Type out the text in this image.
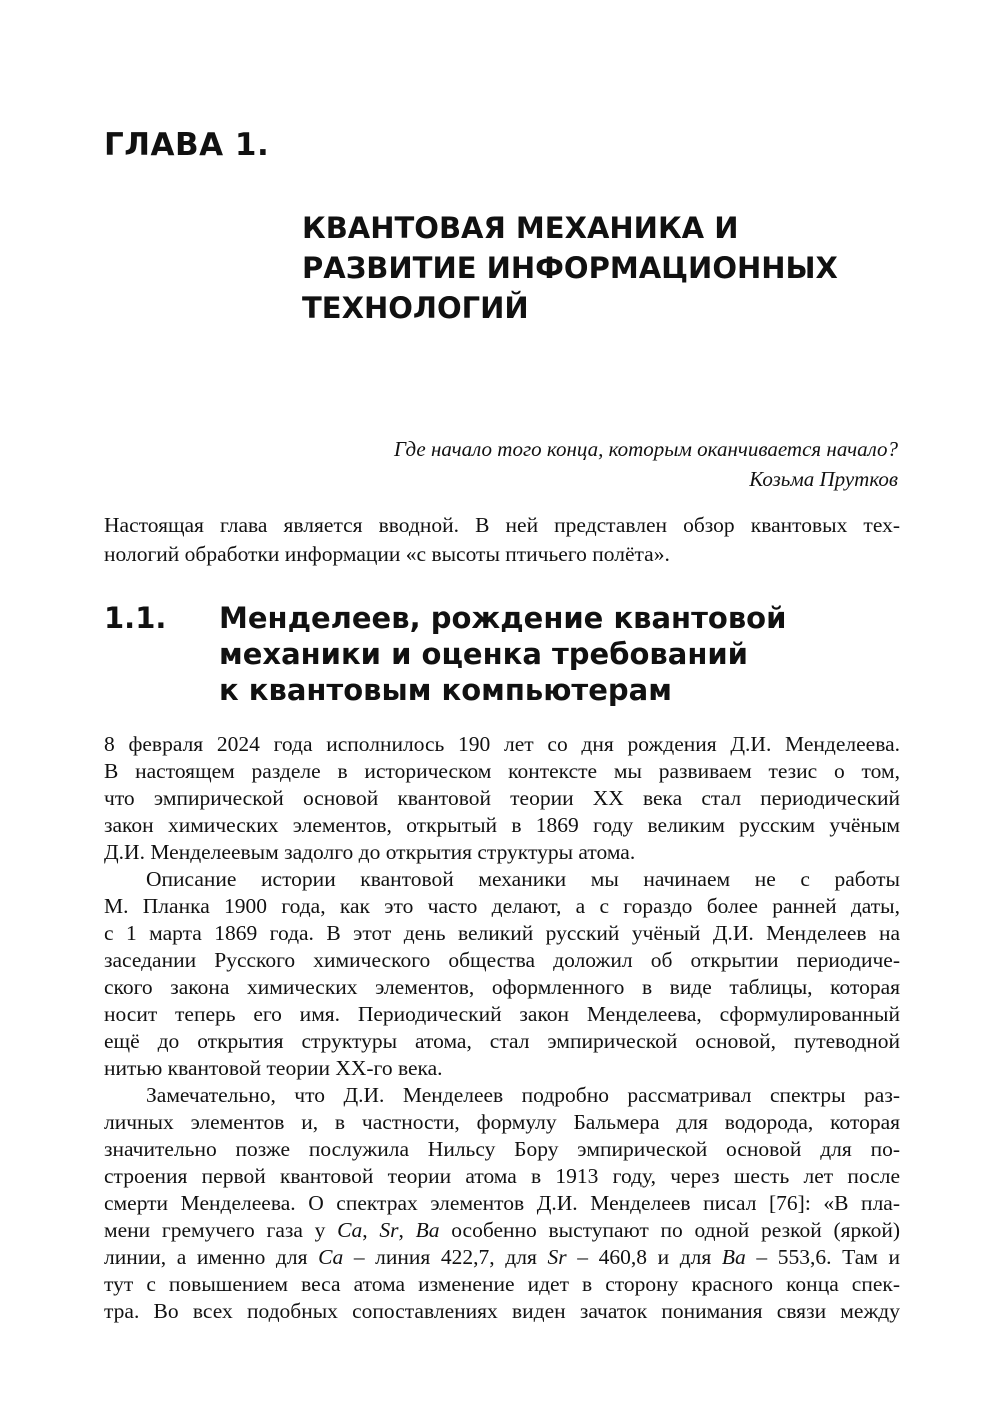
ГЛАВА 1.
КВАНТОВАЯ МЕХАНИКА И
РАЗВИТИЕ ИНФОРМАЦИОННЫХ
ТЕХНОЛОГИЙ
Где начало того конца, которым оканчивается начало?
Козьма Прутков
Настоящая глава является вводной. В ней представлен обзор квантовых тех-
нологий обработки информации «с высоты птичьего полёта».
1.1. Менделеев, рождение квантовой
механики и оценка требований
к квантовым компьютерам
8 февраля 2024 года исполнилось 190 лет со дня рождения Д.И. Менделеева.
В настоящем разделе в историческом контексте мы развиваем тезис о том,
что эмпирической основой квантовой теории XX века стал периодический
закон химических элементов, открытый в 1869 году великим русским учёным
Д.И. Менделеевым задолго до открытия структуры атома.
Описание истории квантовой механики мы начинаем не с работы
М. Планка 1900 года, как это часто делают, а с гораздо более ранней даты,
с 1 марта 1869 года. В этот день великий русский учёный Д.И. Менделеев на
заседании Русского химического общества доложил об открытии периодиче-
ского закона химических элементов, оформленного в виде таблицы, которая
носит теперь его имя. Периодический закон Менделеева, сформулированный
ещё до открытия структуры атома, стал эмпирической основой, путеводной
нитью квантовой теории XX-го века.
Замечательно, что Д.И. Менделеев подробно рассматривал спектры раз-
личных элементов и, в частности, формулу Бальмера для водорода, которая
значительно позже послужила Нильсу Бору эмпирической основой для по-
строения первой квантовой теории атома в 1913 году, через шесть лет после
смерти Менделеева. О спектрах элементов Д.И. Менделеев писал [76]: «В пла-
мени гремучего газа у Ca, Sr, Ba особенно выступают по одной резкой (яркой)
линии, а именно для Ca – линия 422,7, для Sr – 460,8 и для Ba – 553,6. Там и
тут с повышением веса атома изменение идет в сторону красного конца спек-
тра. Во всех подобных сопоставлениях виден зачаток понимания связи между
